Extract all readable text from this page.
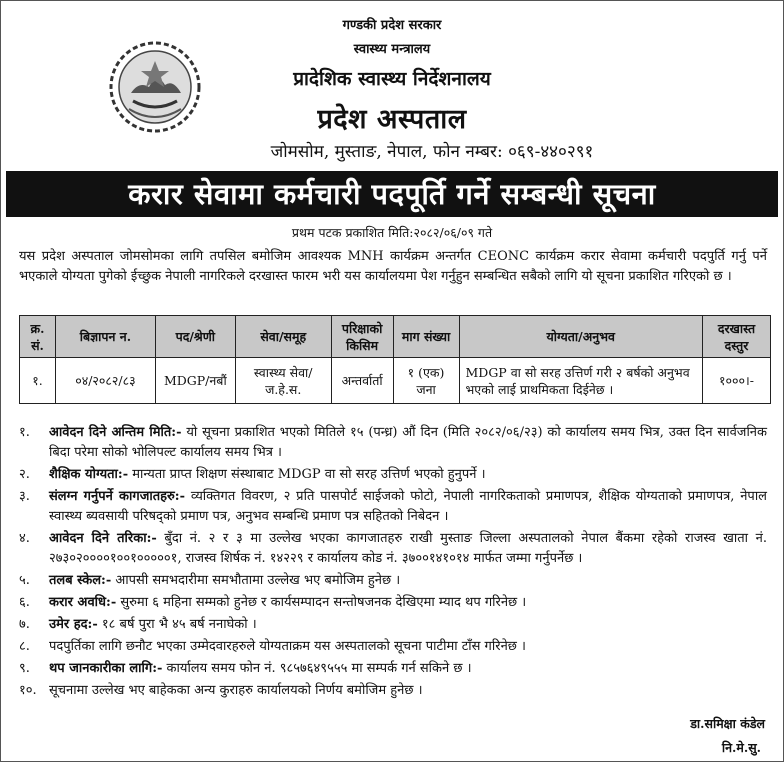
गण्डकी प्रदेश सरकार
स्वास्थ्य मन्त्रालय
प्रादेशिक स्वास्थ्य निर्देशनालय
प्रदेश अस्पताल
जोमसोम, मुस्ताङ, नेपाल, फोन नम्बर: ०६९-४४०२९१
करार सेवामा कर्मचारी पदपूर्ति गर्ने सम्बन्धी सूचना
प्रथम पटक प्रकाशित मिति:२०८२/०६/०९ गते

यस प्रदेश अस्पताल जोमसोमका लागि तपसिल बमोजिम आवश्यक MNH कार्यक्रम अन्तर्गत CEONC कार्यक्रम करार सेवामा कर्मचारी पदपुर्ति गर्नु पर्ने भएकाले योग्यता पुगेको ईच्छुक नेपाली नागरिकले दरखास्त फारम भरी यस कार्यालयमा पेश गर्नुहुन सम्बन्धित सबैको लागि यो सूचना प्रकाशित गरिएको छ ।

क्र. सं.	बिज्ञापन न.	पद/श्रेणी	सेवा/समूह	परिक्षाको किसिम	माग संख्या	योग्यता/अनुभव	दरखास्त दस्तुर
१.	०४/२०८२/८३	MDGP/नबौं	स्वास्थ्य सेवा/ज.हे.स.	अन्तर्वार्ता	१ (एक) जना	MDGP वा सो सरह उत्तिर्ण गरी २ बर्षको अनुभव भएको लाई प्राथमिकता दिईनेछ ।	१०००।-
१. आवेदन दिने अन्तिम मिति:- यो सूचना प्रकाशित भएको मितिले १५ (पन्ध्र) औं दिन (मिति २०८२/०६/२३) को कार्यालय समय भित्र, उक्त दिन सार्वजनिक बिदा परेमा सोको भोलिपल्ट कार्यालय समय भित्र ।
२. शैक्षिक योग्यता:- मान्यता प्राप्त शिक्षण संस्थाबाट MDGP वा सो सरह उत्तिर्ण भएको हुनुपर्ने ।
३. संलग्न गर्नुपर्ने कागजातहरु:- व्यक्तिगत विवरण, २ प्रति पासपोर्ट साईजको फोटो, नेपाली नागरिकताको प्रमाणपत्र, शैक्षिक योग्यताको प्रमाणपत्र, नेपाल स्वास्थ्य ब्यवसायी परिषद्को प्रमाण पत्र, अनुभव सम्बन्धि प्रमाण पत्र सहितको निबेदन ।
४. आवेदन दिने तरिका:- बुँदा नं. २ र ३ मा उल्लेख भएका कागजातहरु राखी मुस्ताङ जिल्ला अस्पतालको नेपाल बैंकमा रहेको राजस्व खाता नं. २७३०२००००१००१०००००१, राजस्व शिर्षक नं. १४२२९ र कार्यालय कोड नं. ३७००१४१०१४ मार्फत जम्मा गर्नुपर्नेछ ।
५. तलब स्केल:- आपसी समभदारीमा समभौतामा उल्लेख भए बमोजिम हुनेछ ।
६. करार अवधि:- सुरुमा ६ महिना सम्मको हुनेछ र कार्यसम्पादन सन्तोषजनक देखिएमा म्याद थप गरिनेछ ।
७. उमेर हद:- १८ बर्ष पुरा भै ४५ बर्ष ननाघेको ।
८. पदपुर्तिका लागि छनौट भएका उम्मेदवारहरुले योग्यताक्रम यस अस्पतालको सूचना पाटीमा टाँस गरिनेछ ।
९. थप जानकारीका लागि:- कार्यालय समय फोन नं. ९८५७६४९५५५ मा सम्पर्क गर्न सकिने छ ।
१०. सूचनामा उल्लेख भए बाहेकका अन्य कुराहरु कार्यालयको निर्णय बमोजिम हुनेछ ।
डा.समिक्षा कंडेल
नि.मे.सु.
